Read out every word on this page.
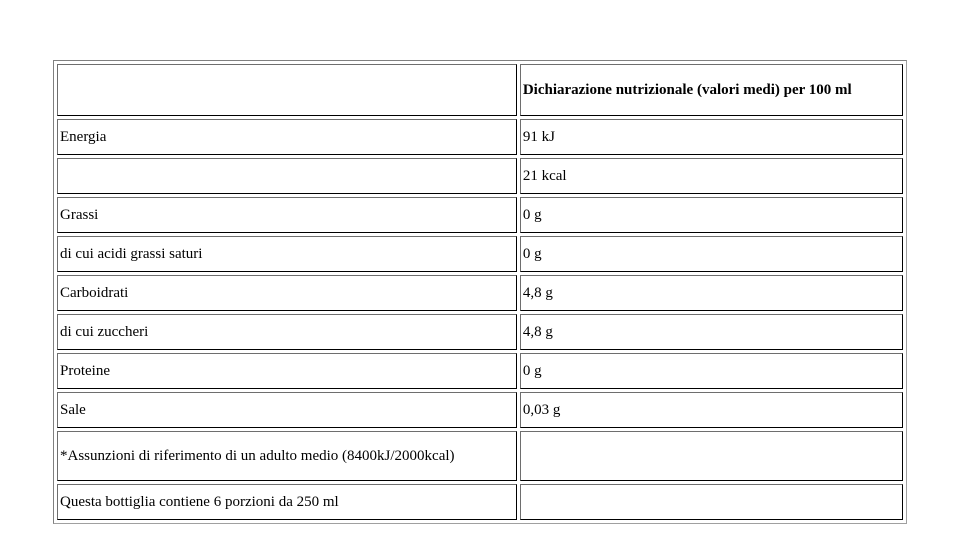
	Dichiarazione nutrizionale (valori medi) per 100 ml
Energia	91 kJ
	21 kcal
Grassi	0 g
di cui acidi grassi saturi	0 g
Carboidrati	4,8 g
di cui zuccheri	4,8 g
Proteine	0 g
Sale	0,03 g
*Assunzioni di riferimento di un adulto medio (8400kJ/2000kcal)	
Questa bottiglia contiene 6 porzioni da 250 ml	
